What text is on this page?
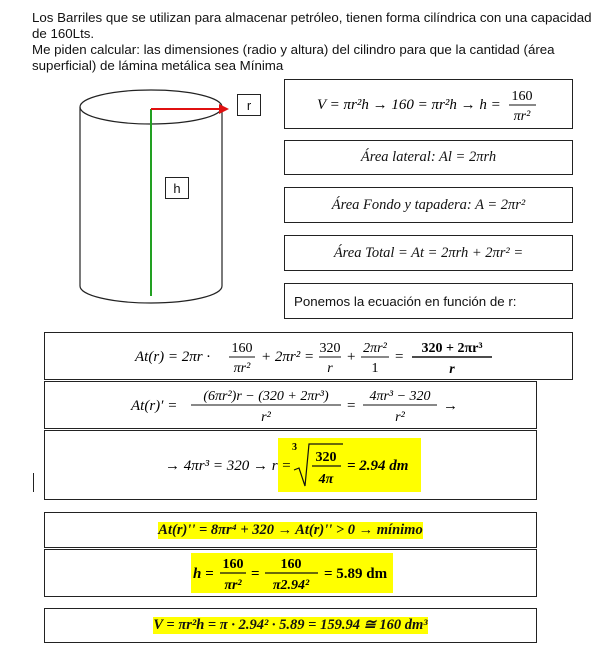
Los Barriles que se utilizan para almacenar petróleo, tienen forma cilíndrica con una capacidad de 160Lts.
Me piden calcular: las dimensiones (radio y altura) del cilindro para que la cantidad (área superficial) de lámina metálica sea Mínima
r
h
V = πr²h → 160 = πr²h → h =
160
πr²
Área lateral: Al = 2πrh
Área Fondo y tapadera: A = 2πr²
Área Total = At = 2πrh + 2πr² =
Ponemos la ecuación en función de r:
At(r) = 2πr ·
160
πr²
+ 2πr² =
320
r
+
2πr²
1
=
320 + 2πr³
r
At(r)′ =
(6πr²)r − (320 + 2πr³)
r²
=
4πr³ − 320
r²
→
→ 4πr³ = 320 → r =
3
320
4π
= 2.94 dm
At(r)'' = 8πr⁴ + 320 → At(r)'' > 0 → mínimo
h =
160
πr²
=
160
π2.94²
= 5.89 dm
V = πr²h = π · 2.94² · 5.89 = 159.94 ≅ 160 dm³
